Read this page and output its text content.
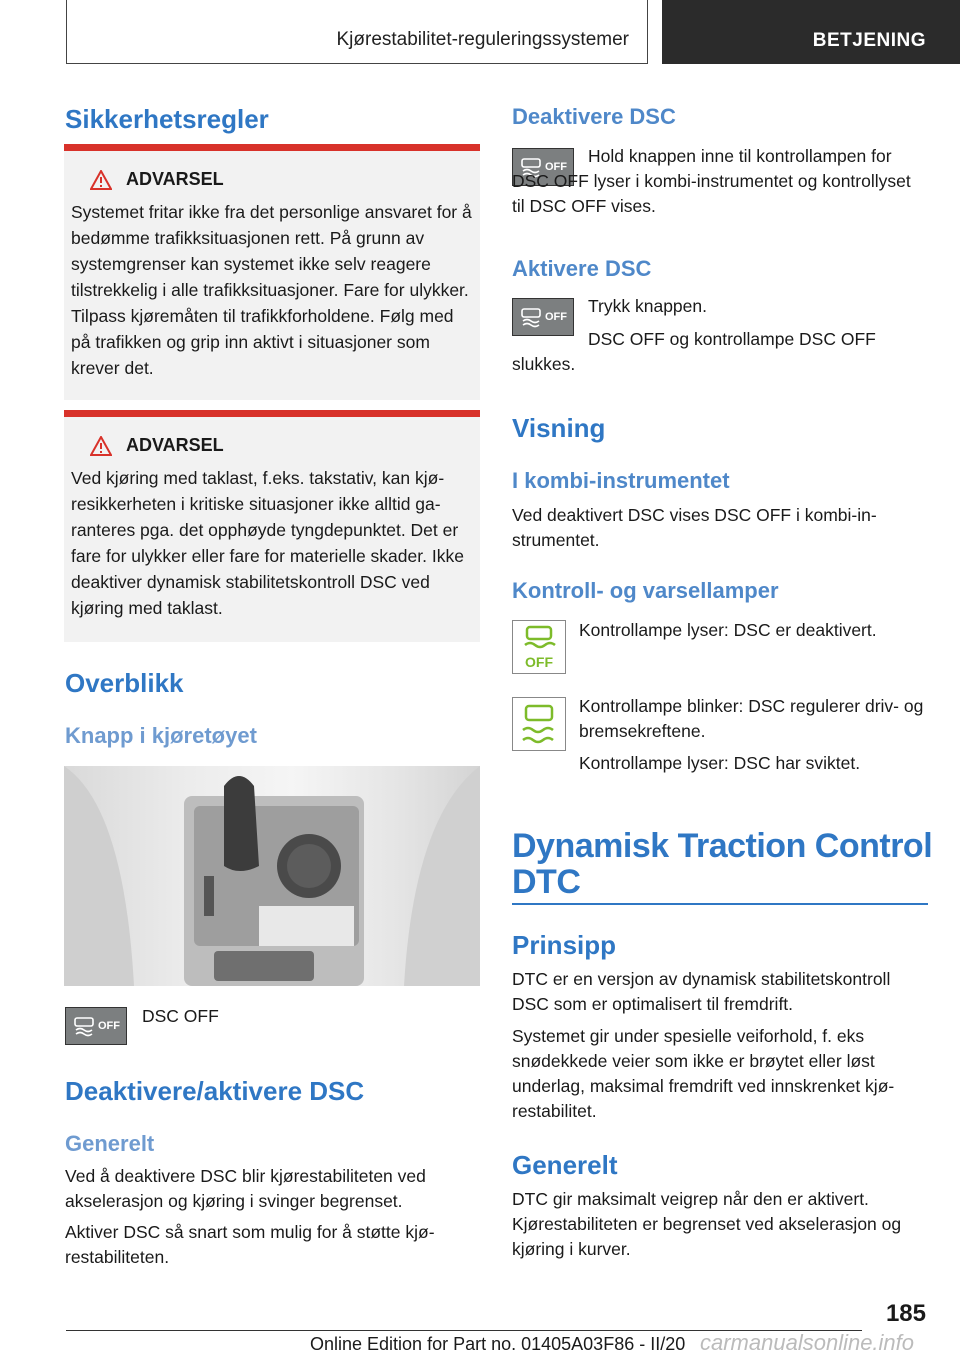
Kjørestabilitet-reguleringssystemer	BETJENING
Sikkerhetsregler
ADVARSEL
Systemet fritar ikke fra det personlige ansvaret for å bedømme trafikksituasjonen rett. På grunn av systemgrenser kan systemet ikke selv reagere tilstrekkelig i alle trafikksituasjoner. Fare for ulykker. Tilpass kjøremåten til trafikkforholdene. Følg med på trafikken og grip inn aktivt i situasjoner som krever det.
ADVARSEL
Ved kjøring med taklast, f.eks. takstativ, kan kjøresikkerheten i kritiske situasjoner ikke alltid garanteres pga. det opphøyde tyngdepunktet. Det er fare for ulykker eller fare for materielle skader. Ikke deaktiver dynamisk stabilitetskontroll DSC ved kjøring med taklast.
Overblikk
Knapp i kjøretøyet
OFF DSC OFF
Deaktivere/aktivere DSC
Generelt
Ved å deaktivere DSC blir kjørestabiliteten ved akselerasjon og kjøring i svinger begrenset.
Aktiver DSC så snart som mulig for å støtte kjørestabiliteten.
Deaktivere DSC
OFF
Hold knappen inne til kontrollampen for DSC OFF lyser i kombi-instrumentet og kontrollyset til DSC OFF vises.
Aktivere DSC
OFF
Trykk knappen.
DSC OFF og kontrollampe DSC OFF slukkes.
Visning
I kombi-instrumentet
Ved deaktivert DSC vises DSC OFF i kombi-instrumentet.
Kontroll- og varsellamper
OFF
Kontrollampe lyser: DSC er deaktivert.
Kontrollampe blinker: DSC regulerer driv- og bremsekreftene.
Kontrollampe lyser: DSC har sviktet.
Dynamisk Traction Control
DTC
Prinsipp
DTC er en versjon av dynamisk stabilitetskontroll DSC som er optimalisert til fremdrift.
Systemet gir under spesielle veiforhold, f. eks snødekkede veier som ikke er brøytet eller løst underlag, maksimal fremdrift ved innskrenket kjørestabilitet.
Generelt
DTC gir maksimalt veigrep når den er aktivert. Kjørestabiliteten er begrenset ved akselerasjon og kjøring i kurver.
185
Online Edition for Part no. 01405A03F86 - II/20 carmanualsonline.info
